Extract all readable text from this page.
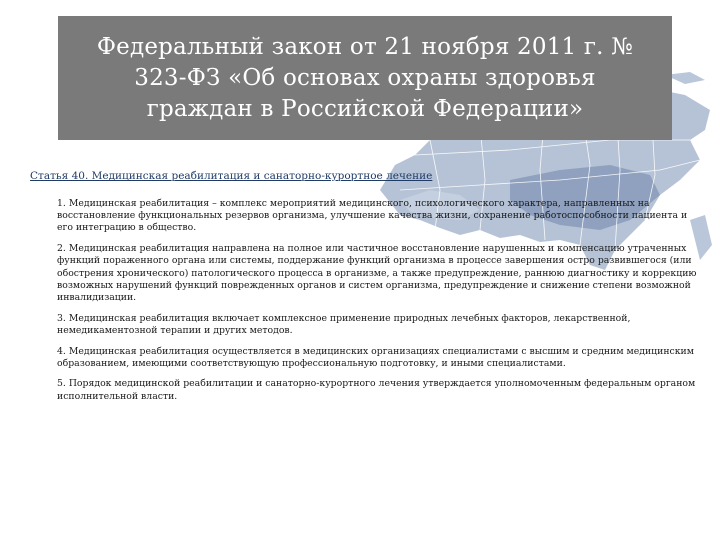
Федеральный закон от 21 ноября 2011 г. № 323-ФЗ «Об основах охраны здоровья граждан в Российской Федерации»
Статья 40. Медицинская реабилитация и санаторно-курортное лечение

1. Медицинская реабилитация – комплекс мероприятий медицинского, психологического характера, направленных на восстановление функциональных резервов организма, улучшение качества жизни, сохранение работоспособности пациента и его интеграцию в общество.

2. Медицинская реабилитация направлена на полное или частичное восстановление нарушенных и компенсацию утраченных функций пораженного органа или системы, поддержание функций организма в процессе завершения остро развившегося (или обострения хронического) патологического процесса в организме, а также предупреждение, раннюю диагностику и коррекцию возможных нарушений функций поврежденных органов и систем организма, предупреждение и снижение степени возможной инвалидизации.

3. Медицинская реабилитация включает комплексное применение природных лечебных факторов, лекарственной, немедикаментозной терапии и других методов.

4. Медицинская реабилитация осуществляется в медицинских организациях специалистами с высшим и средним медицинским образованием, имеющими соответствующую профессиональную подготовку, и иными специалистами.

5. Порядок медицинской реабилитации и санаторно-курортного лечения утверждается уполномоченным федеральным органом исполнительной власти.
